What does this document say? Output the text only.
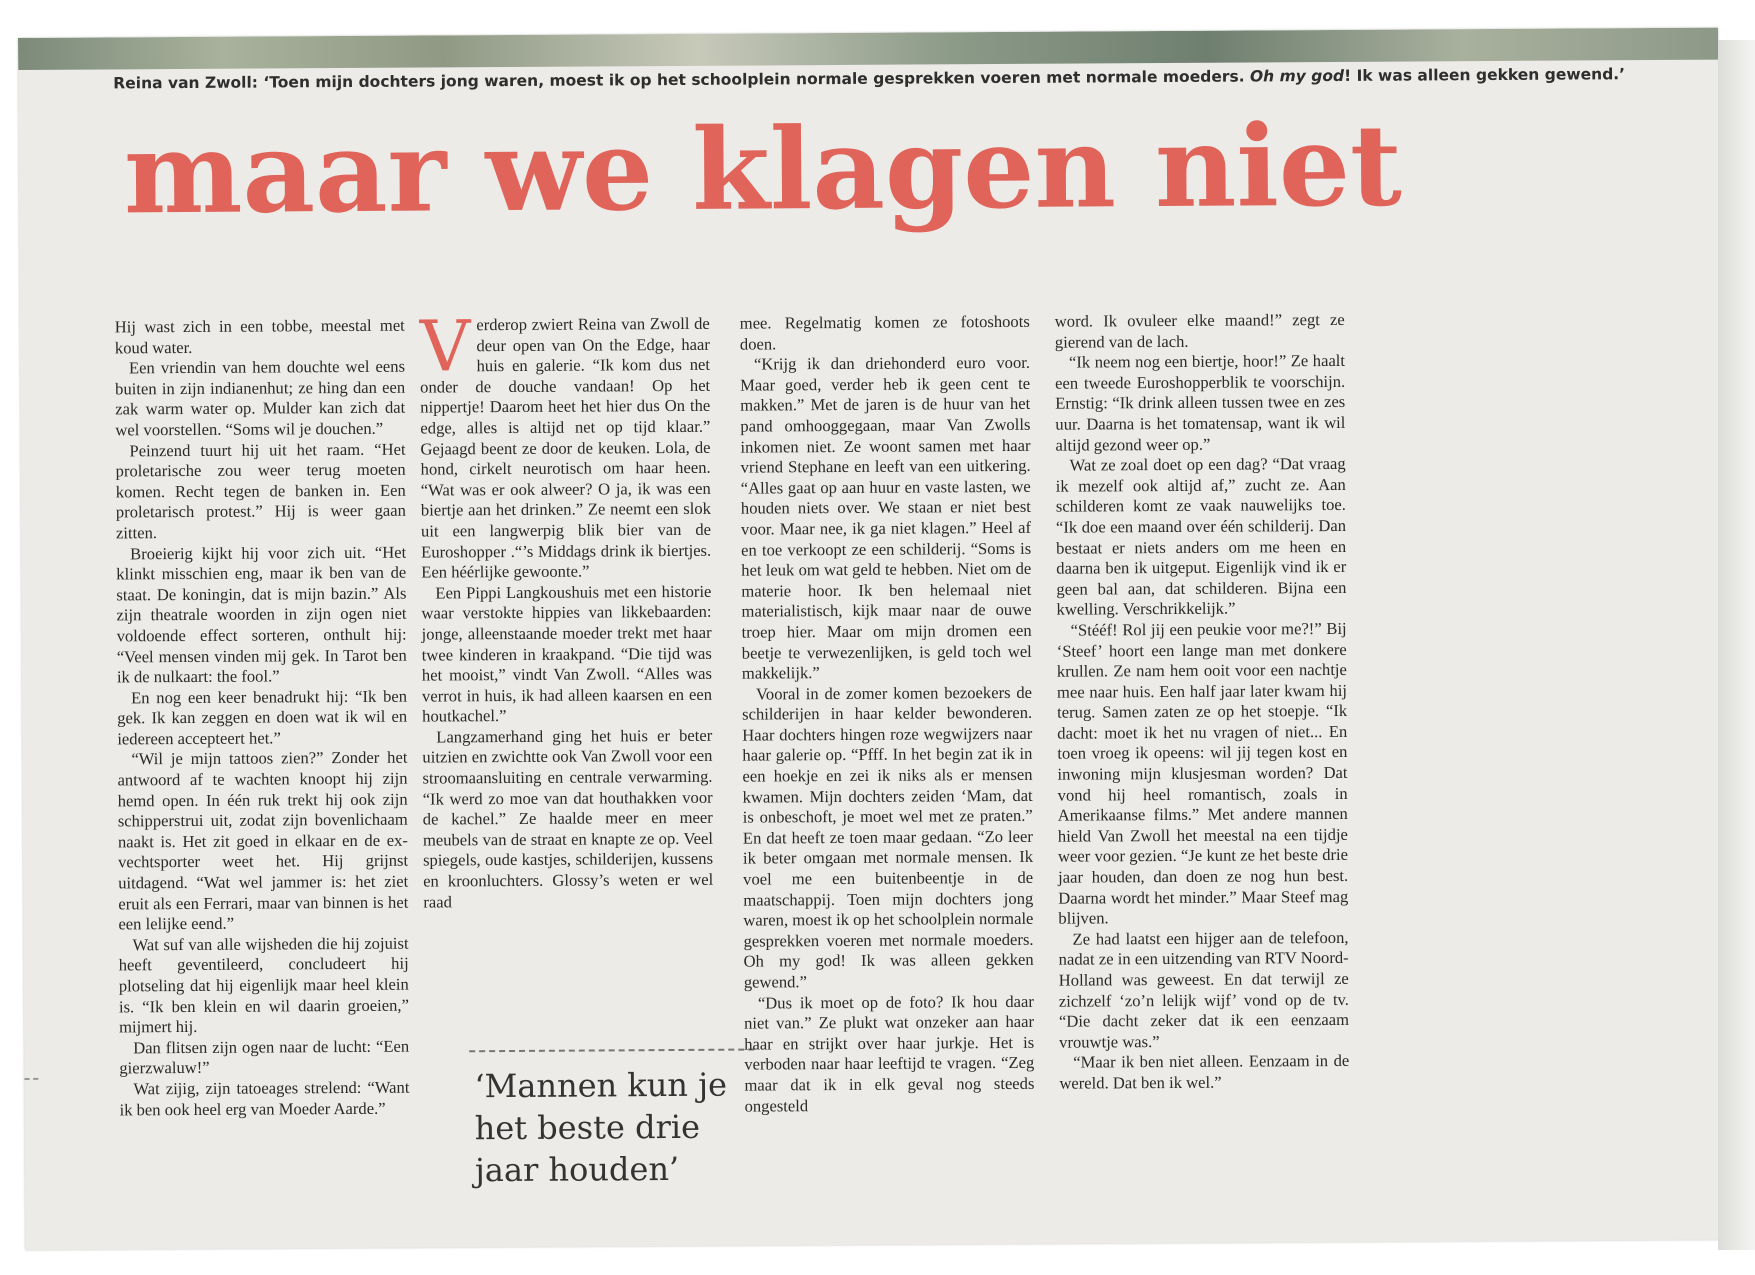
Reina van Zwoll: ‘Toen mijn dochters jong waren, moest ik op het schoolplein normale gesprekken voeren met normale moeders. Oh my god! Ik was alleen gekken gewend.’
maar we klagen niet

Hij wast zich in een tobbe, meestal met koud water.

Een vriendin van hem douchte wel eens buiten in zijn indianenhut; ze hing dan een zak warm water op. Mulder kan zich dat wel voorstellen. “Soms wil je douchen.”

Peinzend tuurt hij uit het raam. “Het proletarische zou weer terug moeten komen. Recht tegen de banken in. Een proletarisch protest.” Hij is weer gaan zitten.

Broeierig kijkt hij voor zich uit. “Het klinkt misschien eng, maar ik ben van de staat. De koningin, dat is mijn bazin.” Als zijn theatrale woorden in zijn ogen niet voldoende effect sorteren, onthult hij: “Veel mensen vinden mij gek. In Tarot ben ik de nulkaart: the fool.”

En nog een keer benadrukt hij: “Ik ben gek. Ik kan zeggen en doen wat ik wil en iedereen accepteert het.”

“Wil je mijn tattoos zien?” Zonder het antwoord af te wachten knoopt hij zijn hemd open. In één ruk trekt hij ook zijn schipperstrui uit, zodat zijn bovenlichaam naakt is. Het zit goed in elkaar en de ex-vechtsporter weet het. Hij grijnst uitdagend. “Wat wel jammer is: het ziet eruit als een Ferrari, maar van binnen is het een lelijke eend.”

Wat suf van alle wijsheden die hij zojuist heeft geventileerd, concludeert hij plotseling dat hij eigenlijk maar heel klein is. “Ik ben klein en wil daarin groeien,” mijmert hij.

Dan flitsen zijn ogen naar de lucht: “Een gierzwaluw!”

Wat zijig, zijn tatoeages strelend: “Want ik ben ook heel erg van Moeder Aarde.”

Verderop zwiert Reina van Zwoll de deur open van On the Edge, haar huis en galerie. “Ik kom dus net onder de douche vandaan! Op het nippertje! Daarom heet het hier dus On the edge, alles is altijd net op tijd klaar.” Gejaagd beent ze door de keuken. Lola, de hond, cirkelt neurotisch om haar heen. “Wat was er ook alweer? O ja, ik was een biertje aan het drinken.” Ze neemt een slok uit een langwerpig blik bier van de Euroshopper .“’s Middags drink ik biertjes. Een héérlijke gewoonte.”

Een Pippi Langkoushuis met een historie waar verstokte hippies van likkebaarden: jonge, alleenstaande moeder trekt met haar twee kinderen in kraakpand. “Die tijd was het mooist,” vindt Van Zwoll. “Alles was verrot in huis, ik had alleen kaarsen en een houtkachel.”

Langzamerhand ging het huis er beter uitzien en zwichtte ook Van Zwoll voor een stroomaansluiting en centrale verwarming. “Ik werd zo moe van dat houthakken voor de kachel.” Ze haalde meer en meer meubels van de straat en knapte ze op. Veel spiegels, oude kastjes, schilderijen, kussens en kroonluchters. Glossy’s weten er wel raad

‘Mannen kun je het beste drie jaar houden’

mee. Regelmatig komen ze fotoshoots doen.

“Krijg ik dan driehonderd euro voor. Maar goed, verder heb ik geen cent te makken.” Met de jaren is de huur van het pand omhooggegaan, maar Van Zwolls inkomen niet. Ze woont samen met haar vriend Stephane en leeft van een uitkering. “Alles gaat op aan huur en vaste lasten, we houden niets over. We staan er niet best voor. Maar nee, ik ga niet klagen.” Heel af en toe verkoopt ze een schilderij. “Soms is het leuk om wat geld te hebben. Niet om de materie hoor. Ik ben helemaal niet materialistisch, kijk maar naar de ouwe troep hier. Maar om mijn dromen een beetje te verwezenlijken, is geld toch wel makkelijk.”

Vooral in de zomer komen bezoekers de schilderijen in haar kelder bewonderen. Haar dochters hingen roze wegwijzers naar haar galerie op. “Pfff. In het begin zat ik in een hoekje en zei ik niks als er mensen kwamen. Mijn dochters zeiden ‘Mam, dat is onbeschoft, je moet wel met ze praten.” En dat heeft ze toen maar gedaan. “Zo leer ik beter omgaan met normale mensen. Ik voel me een buitenbeentje in de maatschappij. Toen mijn dochters jong waren, moest ik op het schoolplein normale gesprekken voeren met normale moeders. Oh my god! Ik was alleen gekken gewend.”

“Dus ik moet op de foto? Ik hou daar niet van.” Ze plukt wat onzeker aan haar haar en strijkt over haar jurkje. Het is verboden naar haar leeftijd te vragen. “Zeg maar dat ik in elk geval nog steeds ongesteld

word. Ik ovuleer elke maand!” zegt ze gierend van de lach.

“Ik neem nog een biertje, hoor!” Ze haalt een tweede Euroshopperblik te voorschijn. Ernstig: “Ik drink alleen tussen twee en zes uur. Daarna is het tomatensap, want ik wil altijd gezond weer op.”

Wat ze zoal doet op een dag? “Dat vraag ik mezelf ook altijd af,” zucht ze. Aan schilderen komt ze vaak nauwelijks toe. “Ik doe een maand over één schilderij. Dan bestaat er niets anders om me heen en daarna ben ik uitgeput. Eigenlijk vind ik er geen bal aan, dat schilderen. Bijna een kwelling. Verschrikkelijk.”

“Stééf! Rol jij een peukie voor me?!” Bij ‘Steef’ hoort een lange man met donkere krullen. Ze nam hem ooit voor een nachtje mee naar huis. Een half jaar later kwam hij terug. Samen zaten ze op het stoepje. “Ik dacht: moet ik het nu vragen of niet... En toen vroeg ik opeens: wil jij tegen kost en inwoning mijn klusjesman worden? Dat vond hij heel romantisch, zoals in Amerikaanse films.” Met andere mannen hield Van Zwoll het meestal na een tijdje weer voor gezien. “Je kunt ze het beste drie jaar houden, dan doen ze nog hun best. Daarna wordt het minder.” Maar Steef mag blijven.

Ze had laatst een hijger aan de telefoon, nadat ze in een uitzending van RTV Noord-Holland was geweest. En dat terwijl ze zichzelf ‘zo’n lelijk wijf’ vond op de tv. “Die dacht zeker dat ik een eenzaam vrouwtje was.”

“Maar ik ben niet alleen. Eenzaam in de wereld. Dat ben ik wel.”
